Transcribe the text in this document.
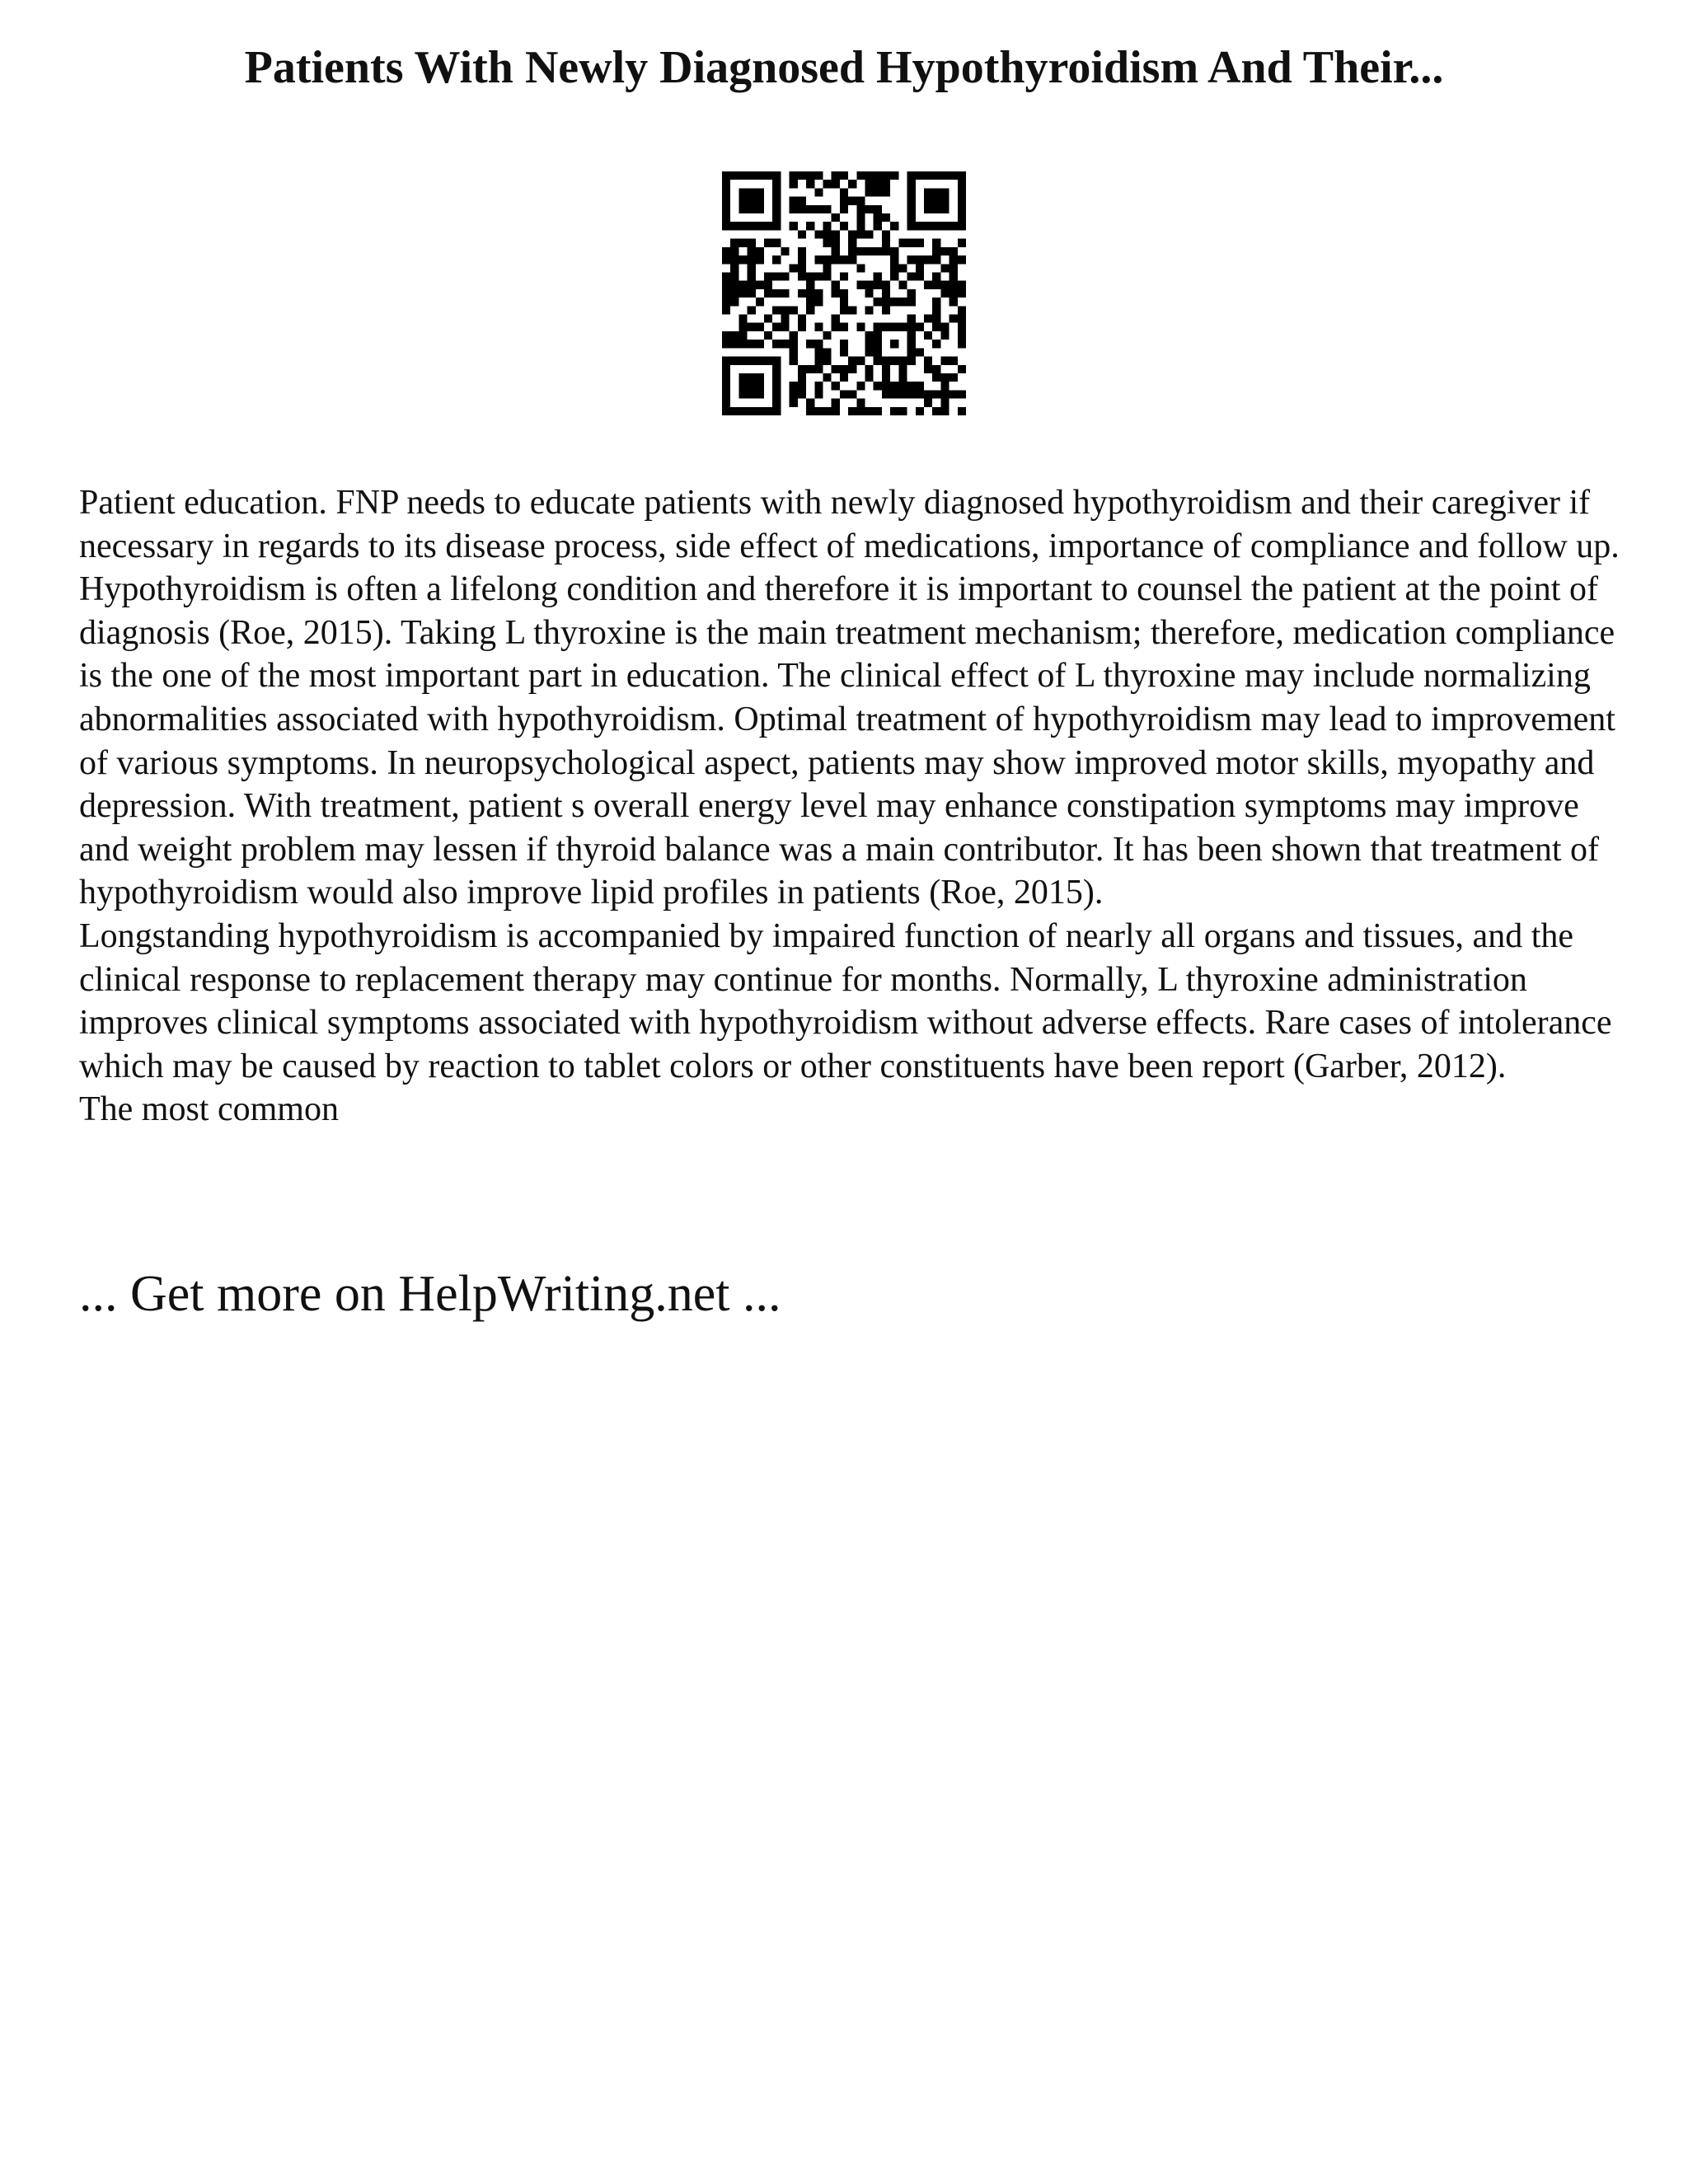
Patients With Newly Diagnosed Hypothyroidism And Their...

Patient education. FNP needs to educate patients with newly diagnosed hypothyroidism and their caregiver if necessary in regards to its disease process, side effect of medications, importance of compliance and follow up. Hypothyroidism is often a lifelong condition and therefore it is important to counsel the patient at the point of diagnosis (Roe, 2015). Taking L thyroxine is the main treatment mechanism; therefore, medication compliance is the one of the most important part in education. The clinical effect of L thyroxine may include normalizing abnormalities associated with hypothyroidism. Optimal treatment of hypothyroidism may lead to improvement of various symptoms. In neuropsychological aspect, patients may show improved motor skills, myopathy and depression. With treatment, patient s overall energy level may enhance constipation symptoms may improve and weight problem may lessen if thyroid balance was a main contributor. It has been shown that treatment of hypothyroidism would also improve lipid profiles in patients (Roe, 2015).

Longstanding hypothyroidism is accompanied by impaired function of nearly all organs and tissues, and the clinical response to replacement therapy may continue for months. Normally, L thyroxine administration improves clinical symptoms associated with hypothyroidism without adverse effects. Rare cases of intolerance which may be caused by reaction to tablet colors or other constituents have been report (Garber, 2012).

The most common

... Get more on HelpWriting.net ...
